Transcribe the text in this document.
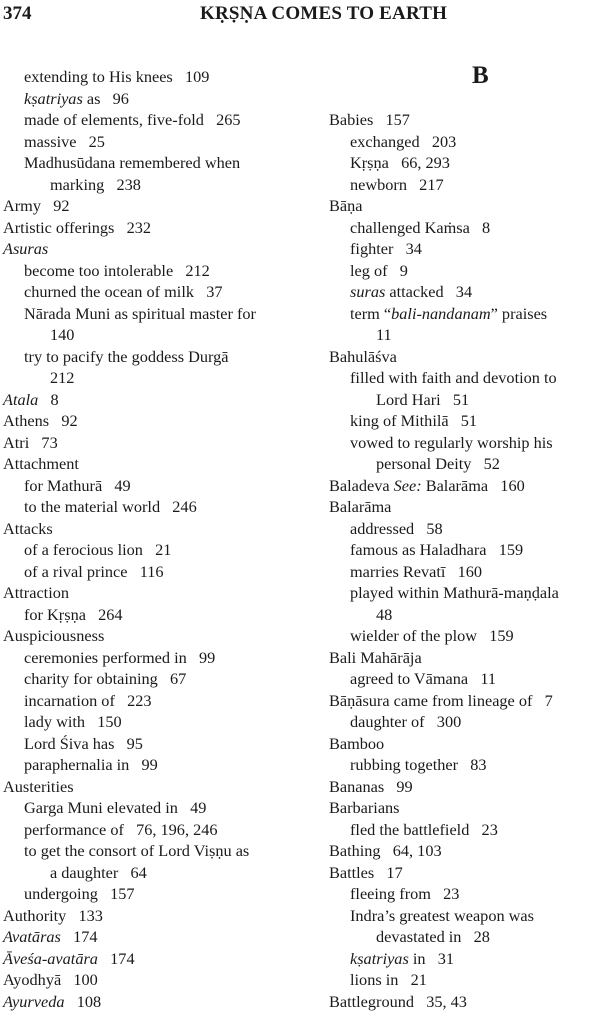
374	KṚṢṆA COMES TO EARTH
extending to His knees   109
kṣatriyas as   96
made of elements, five-fold   265
massive   25
Madhusūdana remembered when
marking   238
Army   92
Artistic offerings   232
Asuras
become too intolerable   212
churned the ocean of milk   37
Nārada Muni as spiritual master for
140
try to pacify the goddess Durgā
212
Atala   8
Athens   92
Atri   73
Attachment
for Mathurā   49
to the material world   246
Attacks
of a ferocious lion   21
of a rival prince   116
Attraction
for Kṛṣṇa   264
Auspiciousness
ceremonies performed in   99
charity for obtaining   67
incarnation of   223
lady with   150
Lord Śiva has   95
paraphernalia in   99
Austerities
Garga Muni elevated in   49
performance of   76, 196, 246
to get the consort of Lord Viṣṇu as
a daughter   64
undergoing   157
Authority   133
Avatāras   174
Āveśa-avatāra   174
Ayodhyā   100
Ayurveda   108
B
Babies   157
exchanged   203
Kṛṣṇa   66, 293
newborn   217
Bāṇa
challenged Kaṁsa   8
fighter   34
leg of   9
suras attacked   34
term “bali-nandanam” praises
11
Bahulāśva
filled with faith and devotion to
Lord Hari   51
king of Mithilā   51
vowed to regularly worship his
personal Deity   52
Baladeva See: Balarāma   160
Balarāma
addressed   58
famous as Haladhara   159
marries Revatī   160
played within Mathurā-maṇḍala
48
wielder of the plow   159
Bali Mahārāja
agreed to Vāmana   11
Bāṇāsura came from lineage of   7
daughter of   300
Bamboo
rubbing together   83
Bananas   99
Barbarians
fled the battlefield   23
Bathing   64, 103
Battles   17
fleeing from   23
Indra’s greatest weapon was
devastated in   28
kṣatriyas in   31
lions in   21
Battleground   35, 43
